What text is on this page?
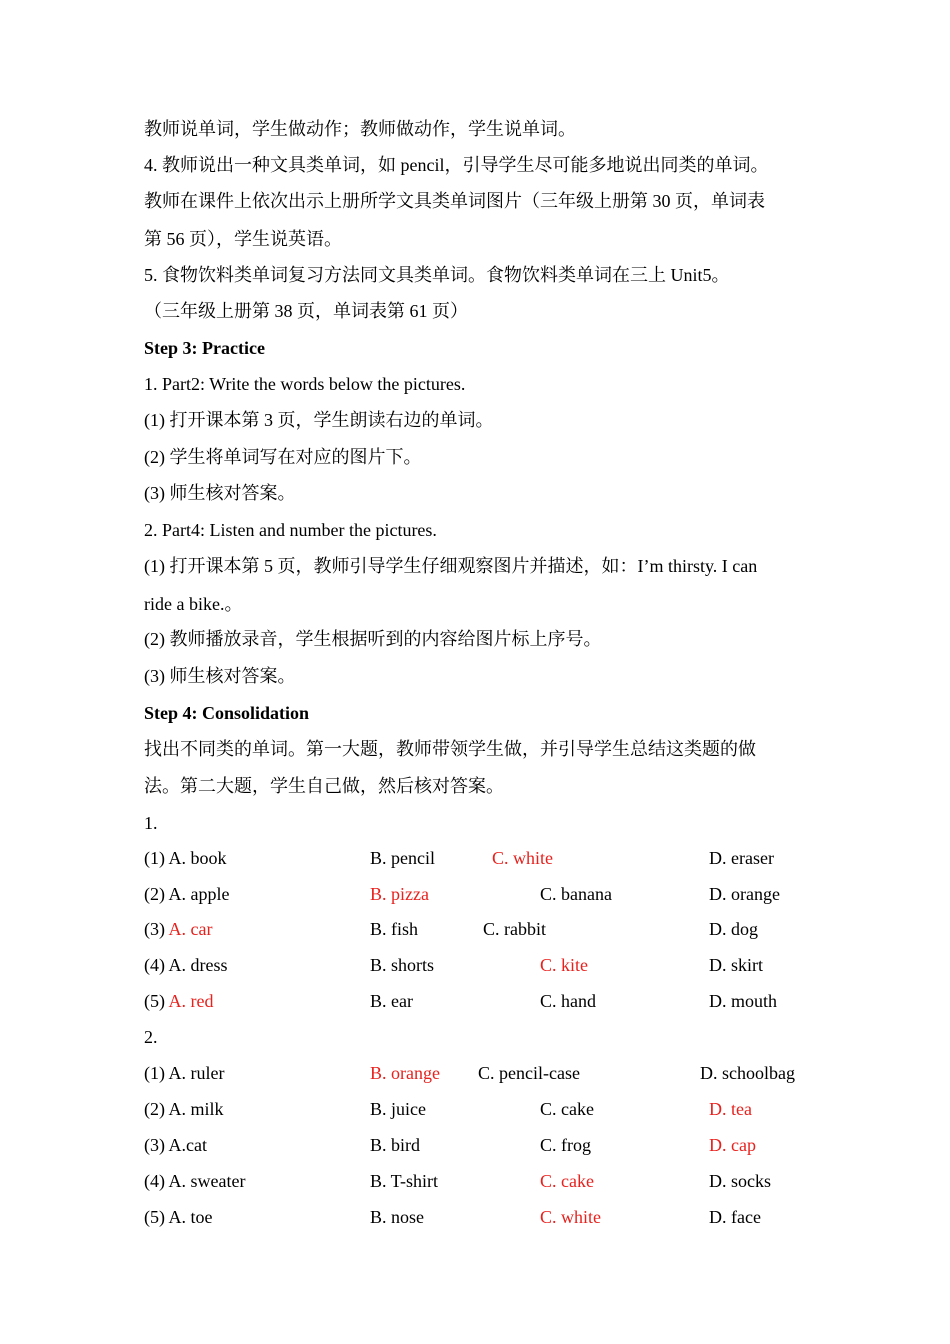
教师说单词，学生做动作；教师做动作，学生说单词。
4. 教师说出一种文具类单词，如 pencil，引导学生尽可能多地说出同类的单词。
教师在课件上依次出示上册所学文具类单词图片（三年级上册第 30 页，单词表
第 56 页），学生说英语。
5. 食物饮料类单词复习方法同文具类单词。食物饮料类单词在三上 Unit5。
（三年级上册第 38 页，单词表第 61 页）
Step 3: Practice
1. Part2: Write the words below the pictures.
(1) 打开课本第 3 页，学生朗读右边的单词。
(2) 学生将单词写在对应的图片下。
(3) 师生核对答案。
2. Part4: Listen and number the pictures.
(1) 打开课本第 5 页，教师引导学生仔细观察图片并描述，如：I’m thirsty. I can
ride a bike.。
(2) 教师播放录音，学生根据听到的内容给图片标上序号。
(3) 师生核对答案。
Step 4: Consolidation
找出不同类的单词。第一大题，教师带领学生做，并引导学生总结这类题的做
法。第二大题，学生自己做，然后核对答案。
1.
(1) A. book	B. pencil	C. white	D. eraser
(2) A. apple	B. pizza	C. banana	D. orange
(3) A. car	B. fish	C. rabbit	D. dog
(4) A. dress	B. shorts	C. kite	D. skirt
(5) A. red	B. ear	C. hand	D. mouth
2.
(1) A. ruler	B. orange C. pencil-case	D. schoolbag
(2) A. milk	B. juice	C. cake	D. tea
(3) A.cat	B. bird	C. frog	D. cap
(4) A. sweater	B. T-shirt	C. cake	D. socks
(5) A. toe	B. nose	C. white	D. face
